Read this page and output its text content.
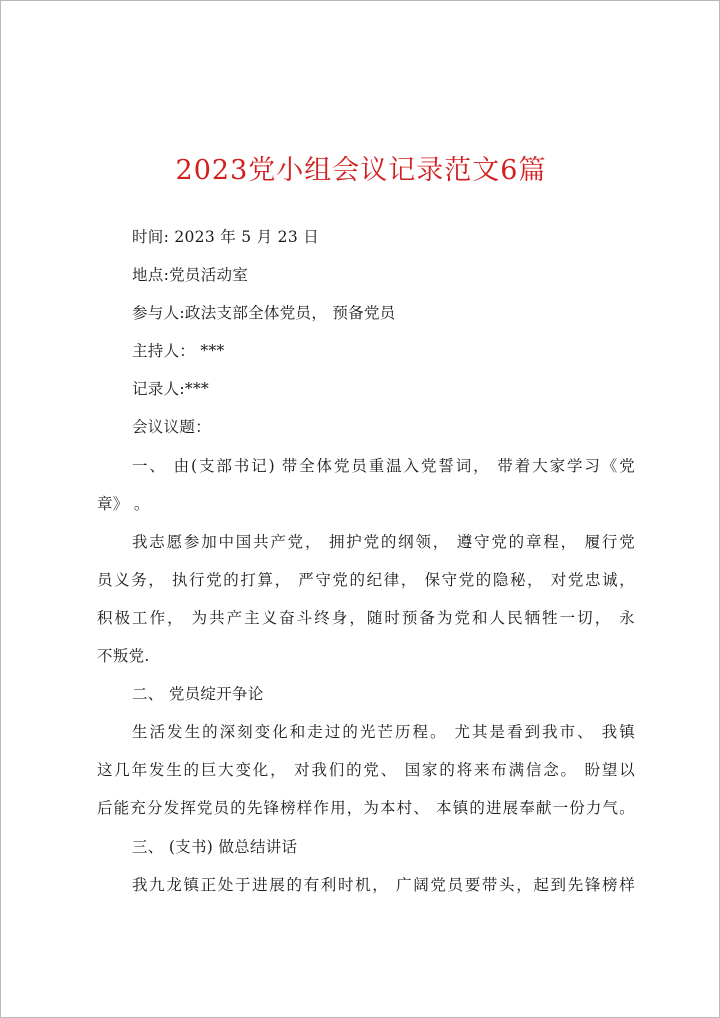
2023党小组会议记录范文6篇
时间: 2023 年 5 月 23 日
地点:党员活动室
参与人:政法支部全体党员， 预备党员
主持人： ***
记录人:***
会议议题：
一、 由(支部书记) 带全体党员重温入党誓词， 带着大家学习《党
章》 。
我志愿参加中国共产党， 拥护党的纲领， 遵守党的章程， 履行党
员义务， 执行党的打算， 严守党的纪律， 保守党的隐秘， 对党忠诚，
积极工作， 为共产主义奋斗终身，随时预备为党和人民牺牲一切， 永
不叛党.
二、 党员绽开争论
生活发生的深刻变化和走过的光芒历程。 尤其是看到我市、 我镇
这几年发生的巨大变化， 对我们的党、 国家的将来布满信念。 盼望以
后能充分发挥党员的先锋榜样作用，为本村、 本镇的进展奉献一份力气。
三、 (支书) 做总结讲话
我九龙镇正处于进展的有利时机， 广阔党员要带头，起到先锋榜样
